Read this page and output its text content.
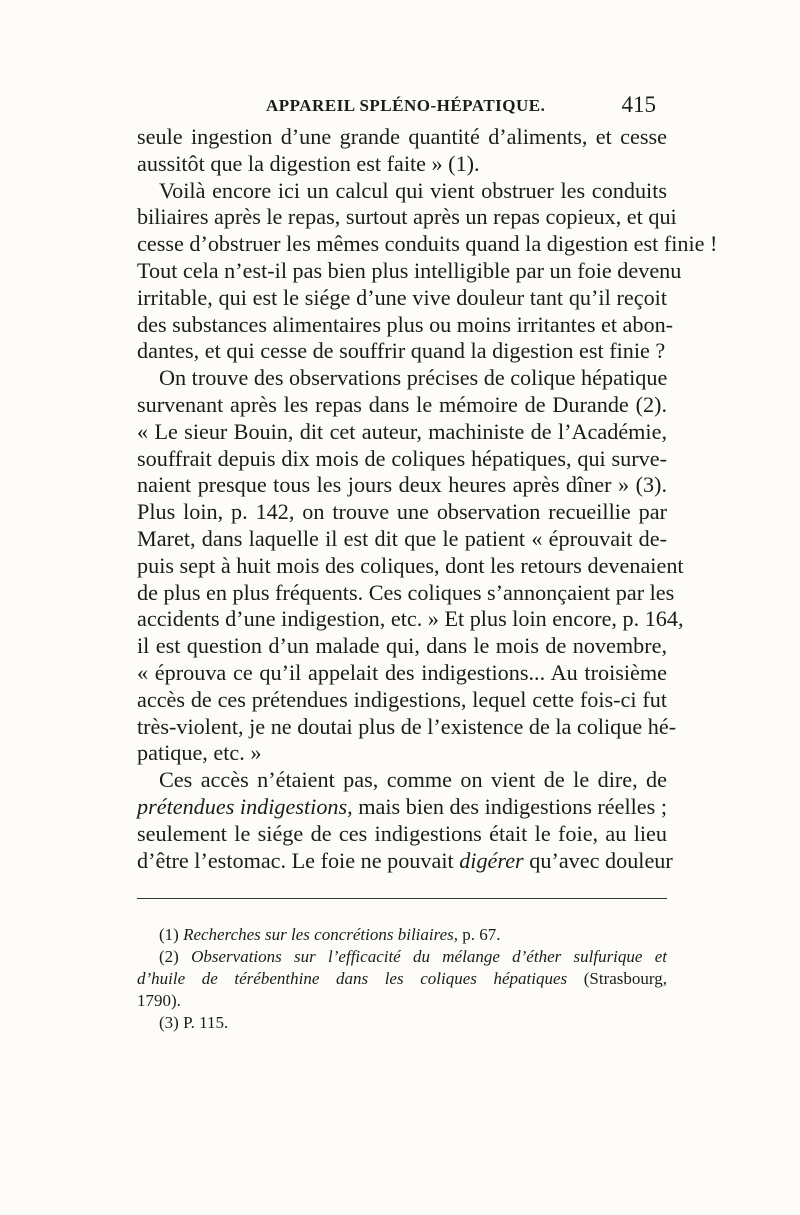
APPAREIL SPLÉNO-HÉPATIQUE.	415
seule ingestion d’une grande quantité d’aliments, et cesse
aussitôt que la digestion est faite » (1).
Voilà encore ici un calcul qui vient obstruer les conduits
biliaires après le repas, surtout après un repas copieux, et qui
cesse d’obstruer les mêmes conduits quand la digestion est finie !
Tout cela n’est-il pas bien plus intelligible par un foie devenu
irritable, qui est le siége d’une vive douleur tant qu’il reçoit
des substances alimentaires plus ou moins irritantes et abon-
dantes, et qui cesse de souffrir quand la digestion est finie ?
On trouve des observations précises de colique hépatique
survenant après les repas dans le mémoire de Durande (2).
« Le sieur Bouin, dit cet auteur, machiniste de l’Académie,
souffrait depuis dix mois de coliques hépatiques, qui surve-
naient presque tous les jours deux heures après dîner » (3).
Plus loin, p. 142, on trouve une observation recueillie par
Maret, dans laquelle il est dit que le patient « éprouvait de-
puis sept à huit mois des coliques, dont les retours devenaient
de plus en plus fréquents. Ces coliques s’annonçaient par les
accidents d’une indigestion, etc. » Et plus loin encore, p. 164,
il est question d’un malade qui, dans le mois de novembre,
« éprouva ce qu’il appelait des indigestions... Au troisième
accès de ces prétendues indigestions, lequel cette fois-ci fut
très-violent, je ne doutai plus de l’existence de la colique hé-
patique, etc. »
Ces accès n’étaient pas, comme on vient de le dire, de
prétendues indigestions, mais bien des indigestions réelles ;
seulement le siége de ces indigestions était le foie, au lieu
d’être l’estomac. Le foie ne pouvait digérer qu’avec douleur
(1) Recherches sur les concrétions biliaires, p. 67.
(2) Observations sur l’efficacité du mélange d’éther sulfurique et
d’huile de térébenthine dans les coliques hépatiques (Strasbourg,
1790).
(3) P. 115.
